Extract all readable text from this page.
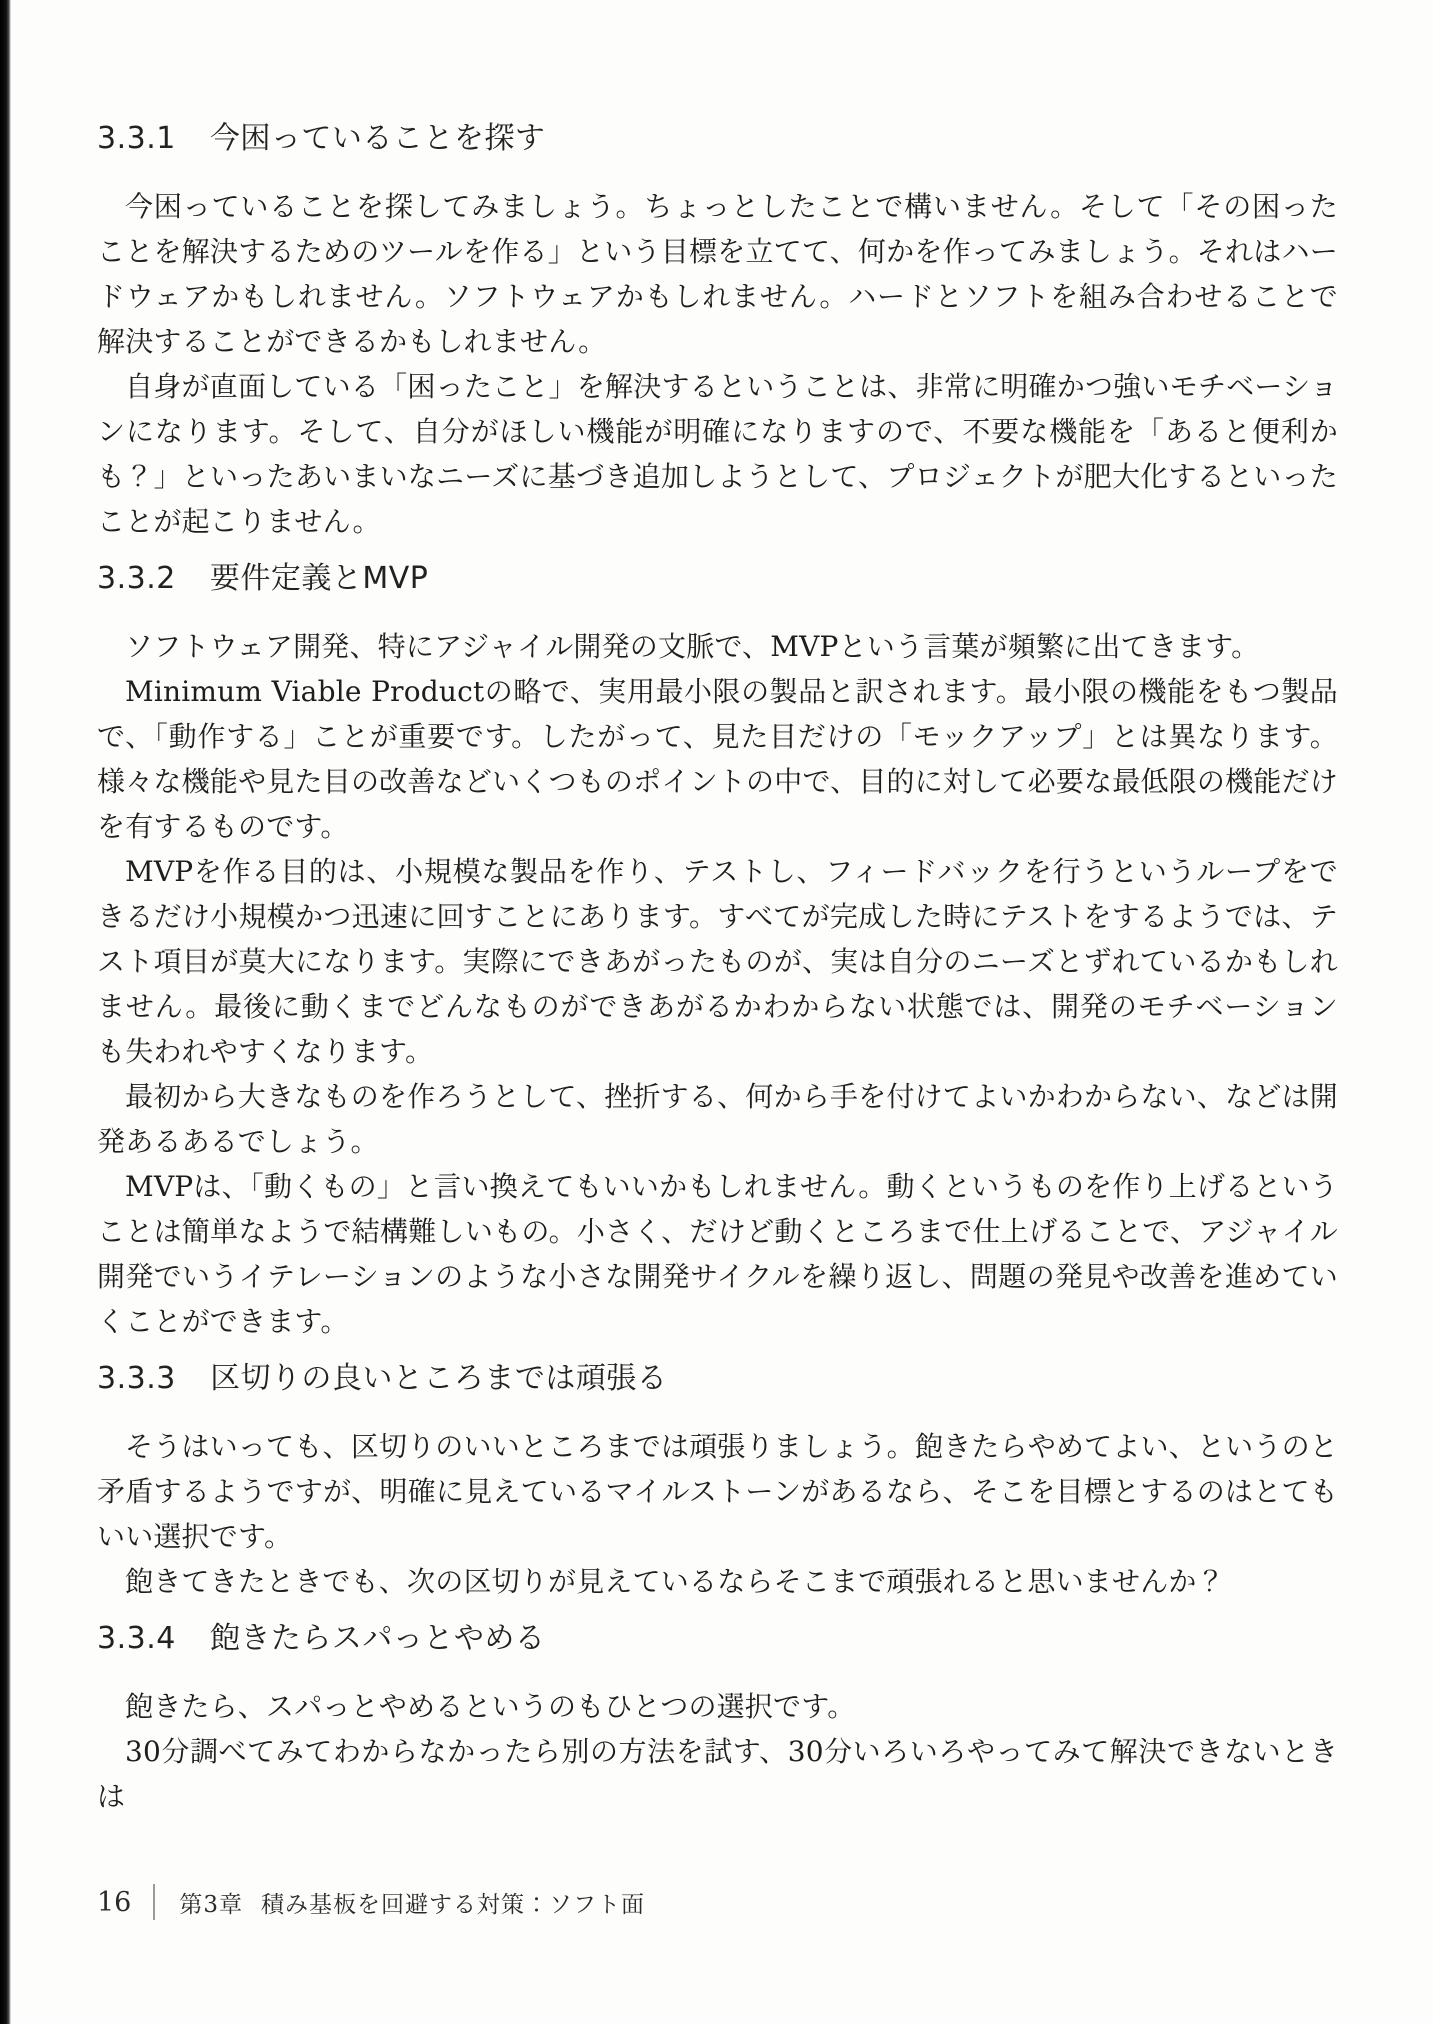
3.3.1 今困っていることを探す

今困っていることを探してみましょう。ちょっとしたことで構いません。そして「その困ったことを解決するためのツールを作る」という目標を立てて、何かを作ってみましょう。それはハードウェアかもしれません。ソフトウェアかもしれません。ハードとソフトを組み合わせることで解決することができるかもしれません。

自身が直面している「困ったこと」を解決するということは、非常に明確かつ強いモチベーションになります。そして、自分がほしい機能が明確になりますので、不要な機能を「あると便利かも？」といったあいまいなニーズに基づき追加しようとして、プロジェクトが肥大化するといったことが起こりません。

3.3.2 要件定義とMVP

ソフトウェア開発、特にアジャイル開発の文脈で、MVPという言葉が頻繁に出てきます。

Minimum Viable Productの略で、実用最小限の製品と訳されます。最小限の機能をもつ製品で、「動作する」ことが重要です。したがって、見た目だけの「モックアップ」とは異なります。様々な機能や見た目の改善などいくつものポイントの中で、目的に対して必要な最低限の機能だけを有するものです。

MVPを作る目的は、小規模な製品を作り、テストし、フィードバックを行うというループをできるだけ小規模かつ迅速に回すことにあります。すべてが完成した時にテストをするようでは、テスト項目が莫大になります。実際にできあがったものが、実は自分のニーズとずれているかもしれません。最後に動くまでどんなものができあがるかわからない状態では、開発のモチベーションも失われやすくなります。

最初から大きなものを作ろうとして、挫折する、何から手を付けてよいかわからない、などは開発あるあるでしょう。

MVPは、「動くもの」と言い換えてもいいかもしれません。動くというものを作り上げるということは簡単なようで結構難しいもの。小さく、だけど動くところまで仕上げることで、アジャイル開発でいうイテレーションのような小さな開発サイクルを繰り返し、問題の発見や改善を進めていくことができます。

3.3.3 区切りの良いところまでは頑張る

そうはいっても、区切りのいいところまでは頑張りましょう。飽きたらやめてよい、というのと矛盾するようですが、明確に見えているマイルストーンがあるなら、そこを目標とするのはとてもいい選択です。

飽きてきたときでも、次の区切りが見えているならそこまで頑張れると思いませんか？

3.3.4 飽きたらスパっとやめる

飽きたら、スパっとやめるというのもひとつの選択です。

30分調べてみてわからなかったら別の方法を試す、30分いろいろやってみて解決できないときは

16 第3章 積み基板を回避する対策：ソフト面
